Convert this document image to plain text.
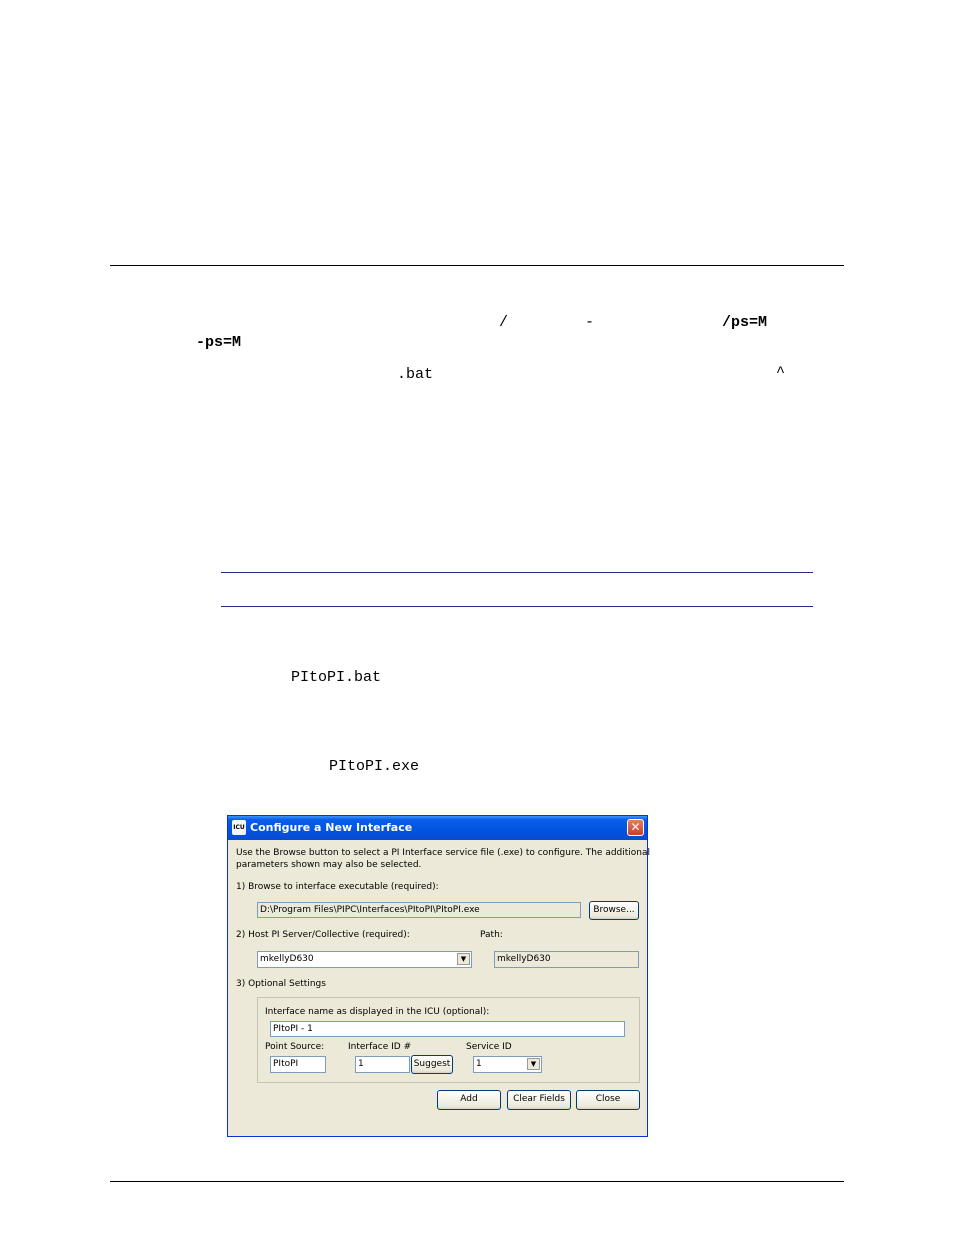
/	-	/ps=M
-ps=M
.bat	^
PItoPI.bat
PItoPI.exe
ICU Configure a New Interface	✕
Use the Browse button to select a PI Interface service file (.exe) to configure. The additional
parameters shown may also be selected.
1) Browse to interface executable (required):
D:\Program Files\PIPC\Interfaces\PItoPI\PItoPI.exe	Browse...
2) Host PI Server/Collective (required):	Path:
mkellyD630	▼	mkellyD630
3) Optional Settings
Interface name as displayed in the ICU (optional):
PItoPI - 1
Point Source:	Interface ID #	Service ID
PItoPI	1	Suggest	1	▼
Add	Clear Fields	Close
